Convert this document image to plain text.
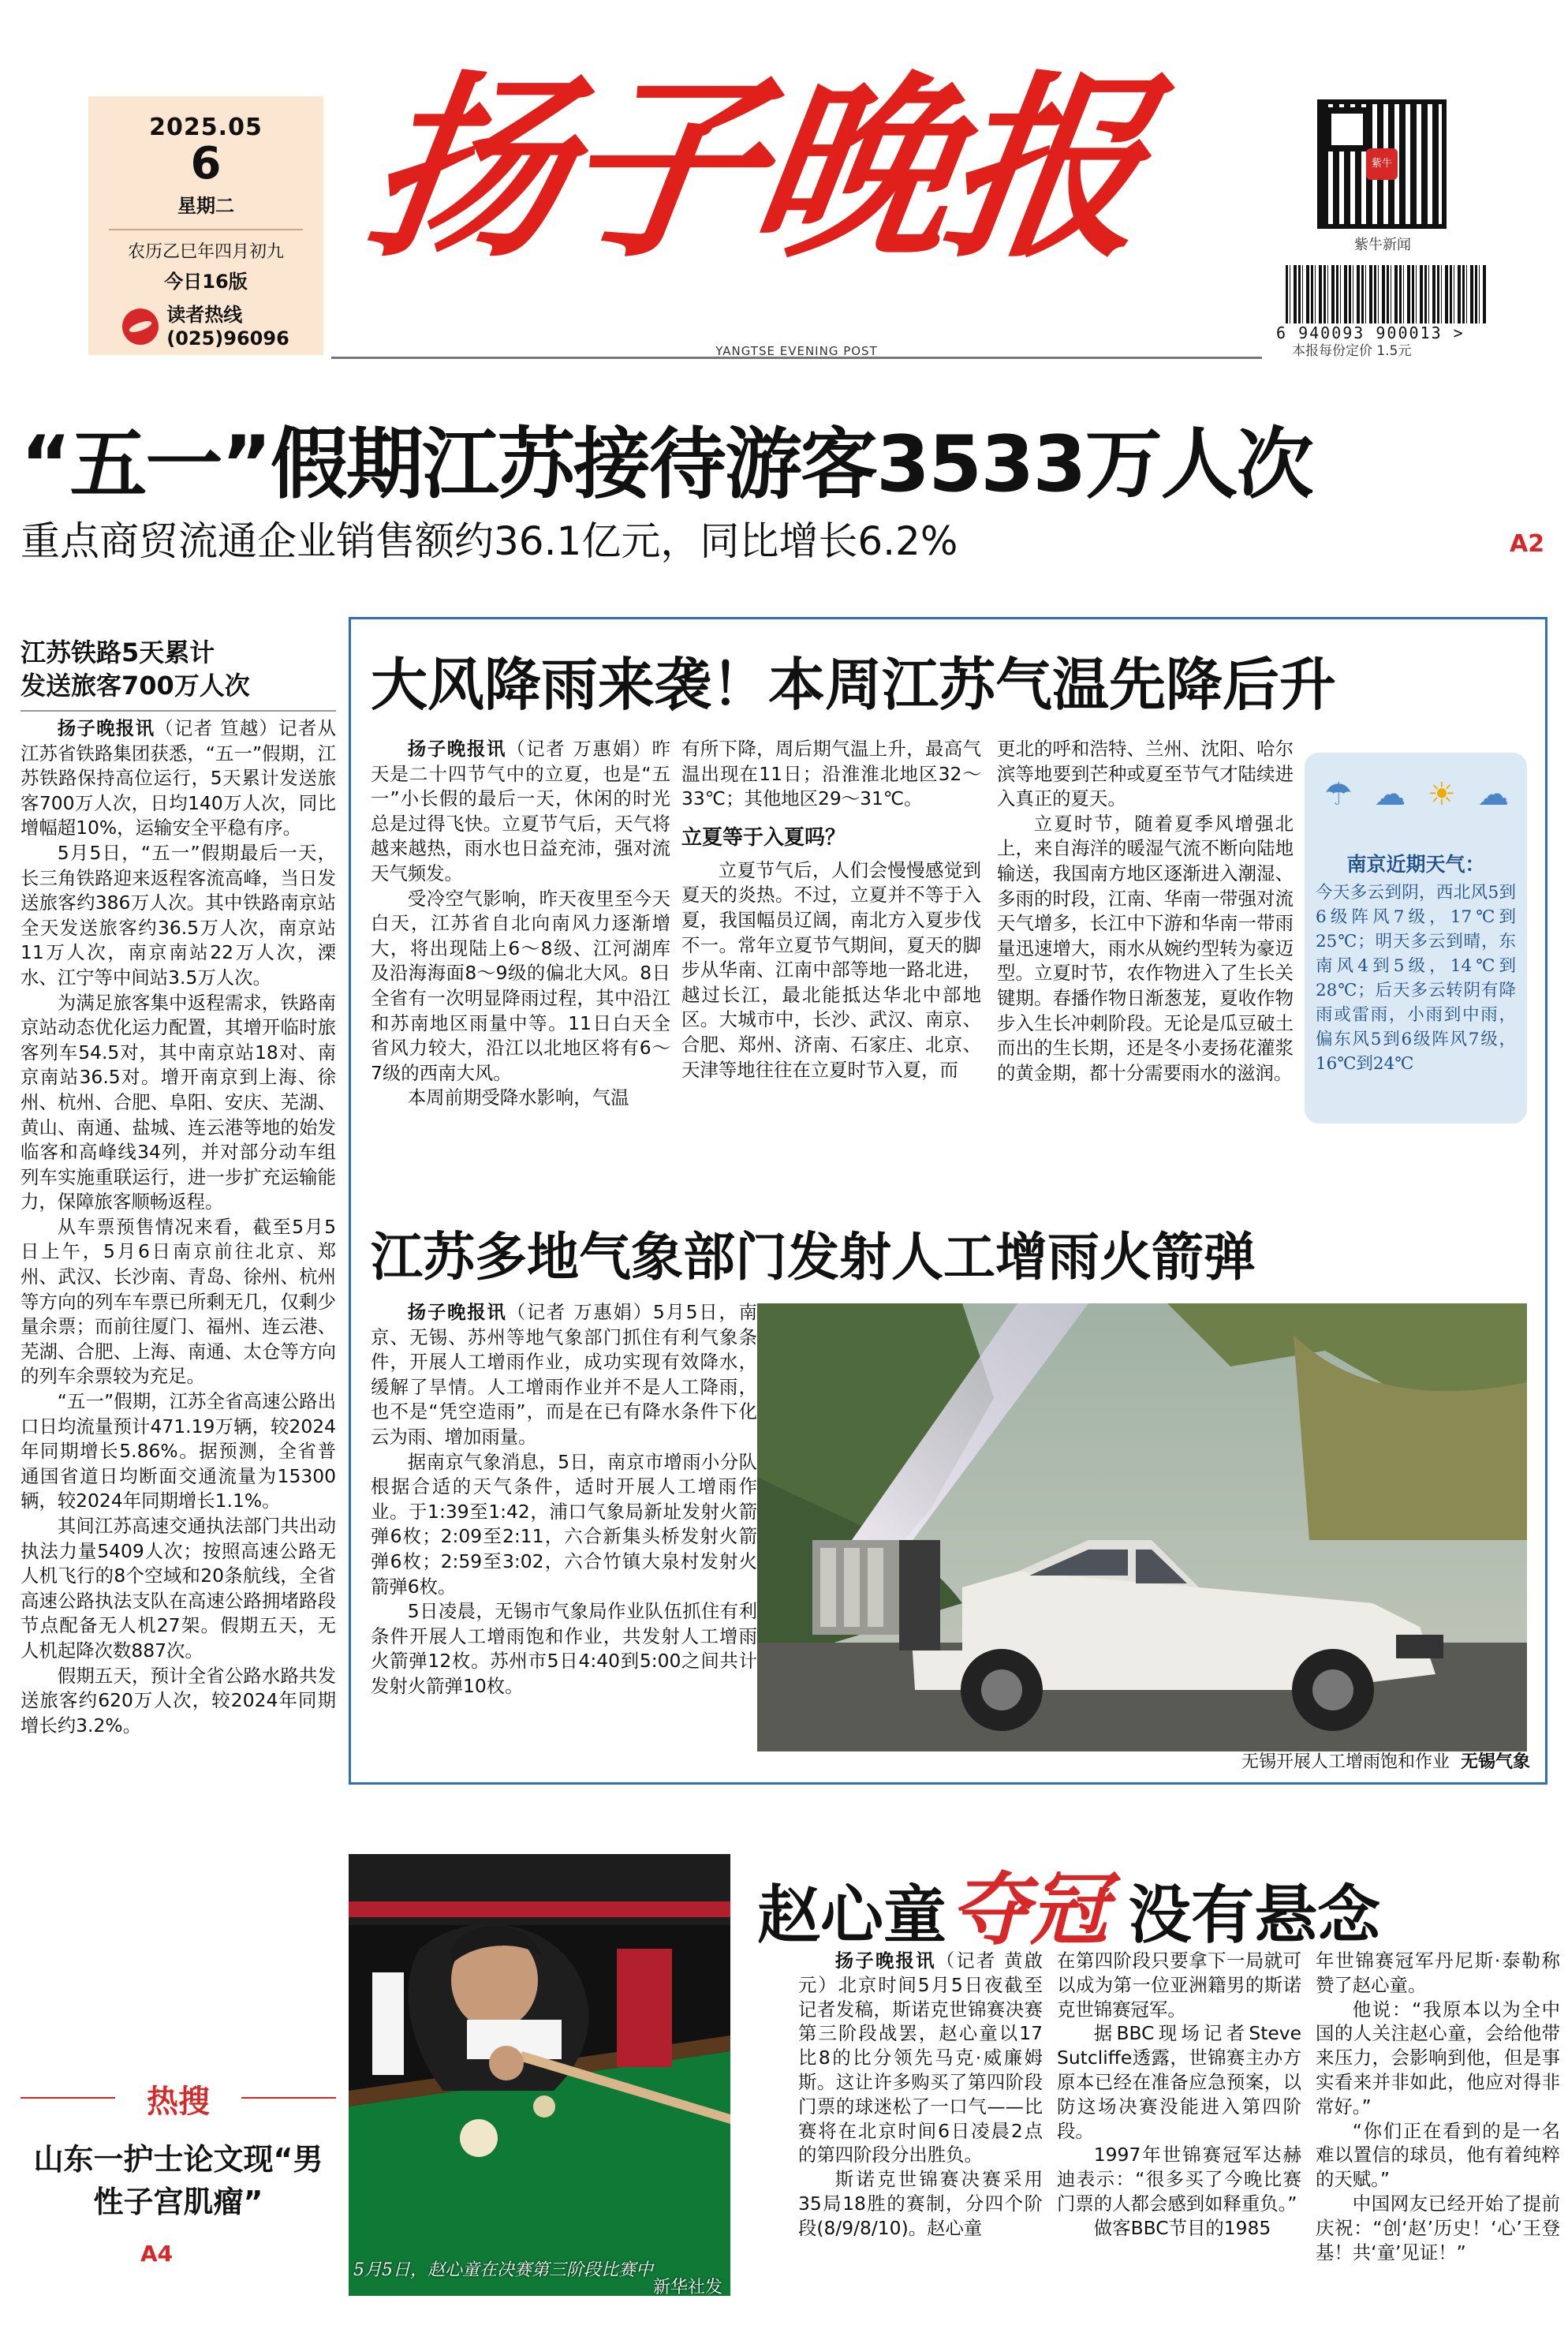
2025.05
6
星期二
农历乙巳年四月初九
今日16版
读者热线
(025)96096
扬子晚报
YANGTSE EVENING POST
紫牛
紫牛新闻
6 940093 900013 >
本报每份定价 1.5元
“五一”假期江苏接待游客3533万人次
重点商贸流通企业销售额约36.1亿元，同比增长6.2%	A2
江苏铁路5天累计
发送旅客700万人次

扬子晚报讯（记者 笪越）记者从江苏省铁路集团获悉，“五一”假期，江苏铁路保持高位运行，5天累计发送旅客700万人次，日均140万人次，同比增幅超10%，运输安全平稳有序。

5月5日，“五一”假期最后一天，长三角铁路迎来返程客流高峰，当日发送旅客约386万人次。其中铁路南京站全天发送旅客约36.5万人次，南京站11万人次，南京南站22万人次，溧水、江宁等中间站3.5万人次。

为满足旅客集中返程需求，铁路南京站动态优化运力配置，其增开临时旅客列车54.5对，其中南京站18对、南京南站36.5对。增开南京到上海、徐州、杭州、合肥、阜阳、安庆、芜湖、黄山、南通、盐城、连云港等地的始发临客和高峰线34列，并对部分动车组列车实施重联运行，进一步扩充运输能力，保障旅客顺畅返程。

从车票预售情况来看，截至5月5日上午，5月6日南京前往北京、郑州、武汉、长沙南、青岛、徐州、杭州等方向的列车车票已所剩无几，仅剩少量余票；而前往厦门、福州、连云港、芜湖、合肥、上海、南通、太仓等方向的列车余票较为充足。

“五一”假期，江苏全省高速公路出口日均流量预计471.19万辆，较2024年同期增长5.86%。据预测，全省普通国省道日均断面交通流量为15300辆，较2024年同期增长1.1%。

其间江苏高速交通执法部门共出动执法力量5409人次；按照高速公路无人机飞行的8个空域和20条航线，全省高速公路执法支队在高速公路拥堵路段节点配备无人机27架。假期五天，无人机起降次数887次。

假期五天，预计全省公路水路共发送旅客约620万人次，较2024年同期增长约3.2%。

热搜
山东一护士论文现“男性子宫肌瘤”
A4
大风降雨来袭！本周江苏气温先降后升

扬子晚报讯（记者 万惠娟）昨天是二十四节气中的立夏，也是“五一”小长假的最后一天，休闲的时光总是过得飞快。立夏节气后，天气将越来越热，雨水也日益充沛，强对流天气频发。

受冷空气影响，昨天夜里至今天白天，江苏省自北向南风力逐渐增大，将出现陆上6～8级、江河湖库及沿海海面8～9级的偏北大风。8日全省有一次明显降雨过程，其中沿江和苏南地区雨量中等。11日白天全省风力较大，沿江以北地区将有6～7级的西南大风。

本周前期受降水影响，气温

有所下降，周后期气温上升，最高气温出现在11日；沿淮淮北地区32～33℃；其他地区29～31℃。
立夏等于入夏吗？

立夏节气后，人们会慢慢感觉到夏天的炎热。不过，立夏并不等于入夏，我国幅员辽阔，南北方入夏步伐不一。常年立夏节气期间，夏天的脚步从华南、江南中部等地一路北进，越过长江，最北能抵达华北中部地区。大城市中，长沙、武汉、南京、合肥、郑州、济南、石家庄、北京、天津等地往往在立夏时节入夏，而

更北的呼和浩特、兰州、沈阳、哈尔滨等地要到芒种或夏至节气才陆续进入真正的夏天。

立夏时节，随着夏季风增强北上，来自海洋的暖湿气流不断向陆地输送，我国南方地区逐渐进入潮湿、多雨的时段，江南、华南一带强对流天气增多，长江中下游和华南一带雨量迅速增大，雨水从婉约型转为豪迈型。立夏时节，农作物进入了生长关键期。春播作物日渐葱茏，夏收作物步入生长冲刺阶段。无论是瓜豆破土而出的生长期，还是冬小麦扬花灌浆的黄金期，都十分需要雨水的滋润。

☂ ☁ ☀ ☁
南京近期天气：
今天多云到阴，西北风5到6级阵风7级，17℃到25℃；明天多云到晴，东南风4到5级，14℃到28℃；后天多云转阴有降雨或雷雨，小雨到中雨，偏东风5到6级阵风7级，16℃到24℃
江苏多地气象部门发射人工增雨火箭弹

扬子晚报讯（记者 万惠娟）5月5日，南京、无锡、苏州等地气象部门抓住有利气象条件，开展人工增雨作业，成功实现有效降水，缓解了旱情。人工增雨作业并不是人工降雨，也不是“凭空造雨”，而是在已有降水条件下化云为雨、增加雨量。

据南京气象消息，5日，南京市增雨小分队根据合适的天气条件，适时开展人工增雨作业。于1:39至1:42，浦口气象局新址发射火箭弹6枚；2:09至2:11，六合新集头桥发射火箭弹6枚；2:59至3:02，六合竹镇大泉村发射火箭弹6枚。

5日凌晨，无锡市气象局作业队伍抓住有利条件开展人工增雨饱和作业，共发射人工增雨火箭弹12枚。苏州市5日4:40到5:00之间共计发射火箭弹10枚。

无锡开展人工增雨饱和作业 无锡气象
5月5日，赵心童在决赛第三阶段比赛中
新华社发
赵心童 夺冠 没有悬念

扬子晚报讯（记者 黄啟元）北京时间5月5日夜截至记者发稿，斯诺克世锦赛决赛第三阶段战罢，赵心童以17比8的比分领先马克·威廉姆斯。这让许多购买了第四阶段门票的球迷松了一口气——比赛将在北京时间6日凌晨2点的第四阶段分出胜负。

斯诺克世锦赛决赛采用35局18胜的赛制，分四个阶段(8/9/8/10)。赵心童

在第四阶段只要拿下一局就可以成为第一位亚洲籍男的斯诺克世锦赛冠军。

据BBC现场记者Steve Sutcliffe透露，世锦赛主办方原本已经在准备应急预案，以防这场决赛没能进入第四阶段。

1997年世锦赛冠军达赫迪表示：“很多买了今晚比赛门票的人都会感到如释重负。”

做客BBC节目的1985

年世锦赛冠军丹尼斯·泰勒称赞了赵心童。

他说：“我原本以为全中国的人关注赵心童，会给他带来压力，会影响到他，但是事实看来并非如此，他应对得非常好。”

“你们正在看到的是一名难以置信的球员，他有着纯粹的天赋。”

中国网友已经开始了提前庆祝：“创‘赵’历史！‘心’王登基！共‘童’见证！”
